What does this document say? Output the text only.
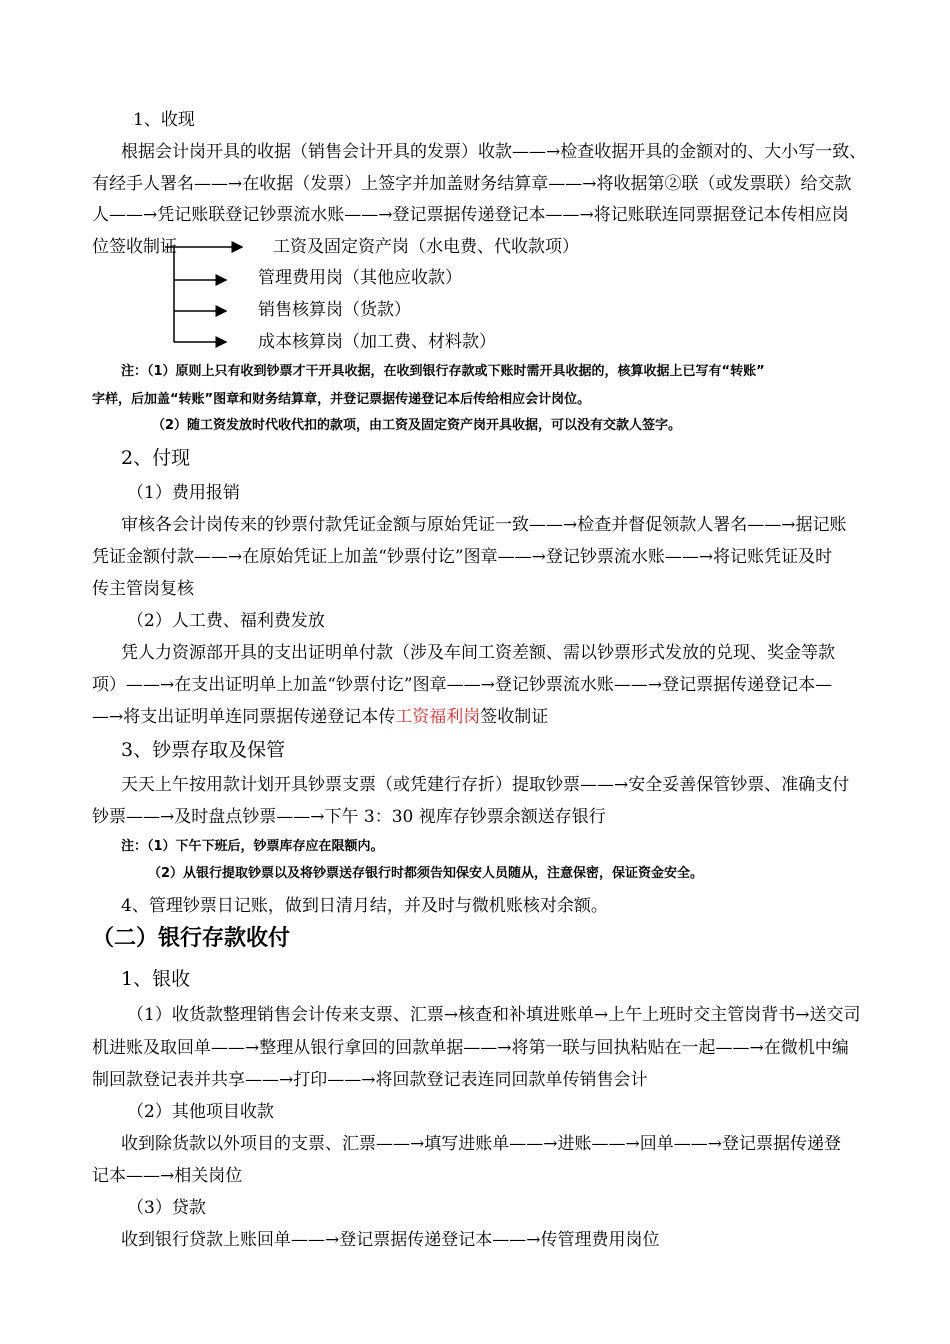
1、收现
根据会计岗开具的收据（销售会计开具的发票）收款——→检查收据开具的金额对的、大小写一致、
有经手人署名——→在收据（发票）上签字并加盖财务结算章——→将收据第②联（或发票联）给交款
人——→凭记账联登记钞票流水账——→登记票据传递登记本——→将记账联连同票据登记本传相应岗
位签收制证	工资及固定资产岗（水电费、代收款项）
管理费用岗（其他应收款）
销售核算岗（货款）
成本核算岗（加工费、材料款）
注：（1）原则上只有收到钞票才干开具收据，在收到银行存款或下账时需开具收据的，核算收据上已写有“转账”
字样，后加盖“转账”图章和财务结算章，并登记票据传递登记本后传给相应会计岗位。
（2）随工资发放时代收代扣的款项，由工资及固定资产岗开具收据，可以没有交款人签字。
2、付现
（1）费用报销
审核各会计岗传来的钞票付款凭证金额与原始凭证一致——→检查并督促领款人署名——→据记账
凭证金额付款——→在原始凭证上加盖“钞票付讫”图章——→登记钞票流水账——→将记账凭证及时
传主管岗复核
（2）人工费、福利费发放
凭人力资源部开具的支出证明单付款（涉及车间工资差额、需以钞票形式发放的兑现、奖金等款
项）——→在支出证明单上加盖“钞票付讫”图章——→登记钞票流水账——→登记票据传递登记本—
—→将支出证明单连同票据传递登记本传工资福利岗签收制证
3、钞票存取及保管
天天上午按用款计划开具钞票支票（或凭建行存折）提取钞票——→安全妥善保管钞票、准确支付
钞票——→及时盘点钞票——→下午 3：30 视库存钞票余额送存银行
注：（1）下午下班后，钞票库存应在限额内。
（2）从银行提取钞票以及将钞票送存银行时都须告知保安人员随从，注意保密，保证资金安全。
4、管理钞票日记账，做到日清月结，并及时与微机账核对余额。
（二）银行存款收付
1、银收
（1）收货款整理销售会计传来支票、汇票→核查和补填进账单→上午上班时交主管岗背书→送交司
机进账及取回单——→整理从银行拿回的回款单据——→将第一联与回执粘贴在一起——→在微机中编
制回款登记表并共享——→打印——→将回款登记表连同回款单传销售会计
（2）其他项目收款
收到除货款以外项目的支票、汇票——→填写进账单——→进账——→回单——→登记票据传递登
记本——→相关岗位
（3）贷款
收到银行贷款上账回单——→登记票据传递登记本——→传管理费用岗位
